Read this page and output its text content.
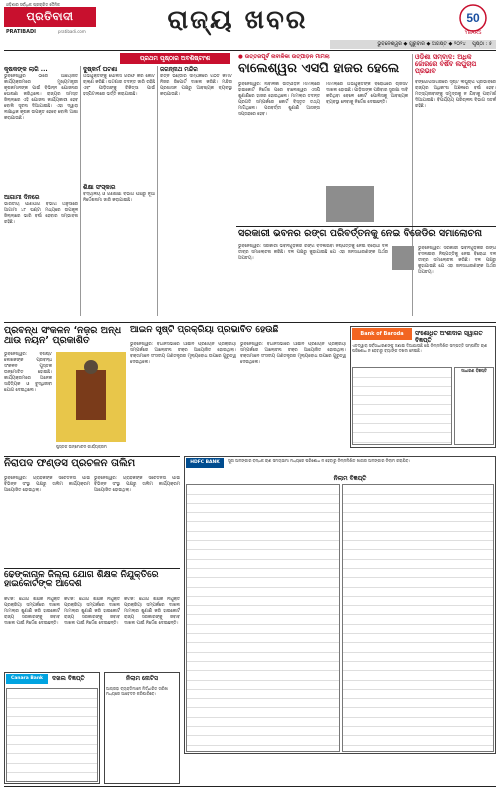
ଓଡ଼ିଶାର ସର୍ବାଧିକ ପ୍ରଚାରିତ ଦୈନିକ
ପ୍ରତିବାଦୀ
PRATIBADI	pratibadi.com	ରାଜ୍ୟ ଖବର	50
YEARS
ଭୁବନେଶ୍ୱର ◆ ଗୁରୁବାର ◆ ଅଗଷ୍ଟ ◆ ୨୦୨୪ ପୃଷ୍ଠା : ୫
ପ୍ରଥମ ପୃଷ୍ଠାର ଅବଶିଷ୍ଟାଂଶ
କୃଷକଙ୍କ ଲାଗି ...
ଭୁବନେଶ୍ୱର ଠାରେ ଆୟୋଜିତ କାର୍ଯ୍ୟକ୍ରମରେ ମୁଖ୍ୟମନ୍ତ୍ରୀ କୃଷକମାନଙ୍କ ପାଇଁ ବିଭିନ୍ନ ଯୋଜନାର ଘୋଷଣା କରିଥିଲେ। ରାଜ୍ୟର ସମସ୍ତ ଜିଲ୍ଲାରେ ଏହି ଯୋଜନା କାର୍ଯ୍ୟକାରୀ ହେବ ବୋଲି ସୂଚନା ଦିଆଯାଇଛି। ଏହା ଦ୍ୱାରା ଲକ୍ଷାଧିକ କୃଷକ ଉପକୃତ ହେବେ ବୋଲି ଆଶା କରାଯାଉଛି।
ଆଗାମୀ ଦିନରେ
ଭାରତୀୟ ପାଣିପାଗ ବିଭାଗ ଅନୁସାରେ ଆଗାମୀ ୪୮ ଘଣ୍ଟା ମଧ୍ୟରେ ଉପକୂଳ ଜିଲ୍ଲାରେ ଭାରି ବର୍ଷା ହେବାର ସମ୍ଭାବନା ରହିଛି।
ଦୁଷ୍କର୍ମ ଘଟଣା
ଅଭିଯୁକ୍ତଙ୍କୁ ପୋଲିସ ଗିରଫ କରି କୋର୍ଟ ଚାଲାଣ କରିଛି। ଘଟଣାର ତଦନ୍ତ ଜାରି ରହିଛି ଏବଂ ପୀଡ଼ିତାଙ୍କୁ ଚିକିତ୍ସା ପାଇଁ ହସ୍ପିଟାଲରେ ଭର୍ତ୍ତି କରାଯାଇଛି।
ଶିକ୍ଷା ସଂସ୍କାର
ବିଦ୍ୟାଳୟ ଓ ଗଣଶିକ୍ଷା ବିଭାଗ ପକ୍ଷରୁ ନୂଆ ନିର୍ଦ୍ଦେଶନାମା ଜାରି କରାଯାଇଛି।
ଜଗନ୍ନାଥ ମନ୍ଦିର
ରତ୍ନ ଭଣ୍ଡାର ସମ୍ପର୍କରେ ଗଠିତ କମିଟି ନିଜର ରିପୋର୍ଟ ଦାଖଲ କରିଛି। ମନ୍ଦିର ପ୍ରଶାସନ ପକ୍ଷରୁ ଆବଶ୍ୟକ ବ୍ୟବସ୍ଥା କରାଯାଉଛି।
● ଉତ୍ତରପୂର୍ବ ନାବାଳିକା ଉତ୍ପୀଡ଼ନ ମାମଲା
ବାଲେଶ୍ୱର ଏସପି ହାଜର ହେଲେ
ଭୁବନେଶ୍ୱର: ନାବାଳିକା ଉତ୍ପୀଡ଼ନ ମାମଲାରେ ହାଇକୋର୍ଟ ନିର୍ଦ୍ଦେଶ ପରେ ବାଲେଶ୍ୱର ଏସପି ଶୁଣାଣିରେ ହାଜର ହୋଇଥିଲେ। ମାମଲାର ତଦନ୍ତ ପ୍ରଗତି ସମ୍ପର୍କରେ କୋର୍ଟ ବିସ୍ତୃତ ତଥ୍ୟ ମାଗିଥିଲେ। ପରବର୍ତ୍ତୀ ଶୁଣାଣି ଆସନ୍ତା ସପ୍ତାହରେ ହେବ।
ମାମଲାରେ ଅଭିଯୁକ୍ତଙ୍କ ବିରୋଧରେ ଚାର୍ଜସିଟ ଦାଖଲ ହୋଇଛି। ପୀଡ଼ିତାଙ୍କ ପରିବାର ସୁରକ୍ଷା ଦାବି କରିଥିବା ବେଳେ କୋର୍ଟ ପୋଲିସକୁ ଆବଶ୍ୟକ ବ୍ୟବସ୍ଥା ନେବାକୁ ନିର୍ଦ୍ଦେଶ ଦେଇଛନ୍ତି।
ଓଡ଼ିଶା ସମ୍ବାଦ: ଅଧିକ ଜୋରରେ ବର୍ଷିବ ଲଘୁଚାପ ପ୍ରଭାବ
ବଙ୍ଗୋପସାଗରରେ ସୃଷ୍ଟି ଲଘୁଚାପ ପ୍ରଭାବରେ ରାଜ୍ୟର ଅଧିକାଂଶ ଅଞ୍ଚଳରେ ବର୍ଷା ହେବ। ମତ୍ସ୍ୟଜୀବୀଙ୍କୁ ସମୁଦ୍ରକୁ ନ ଯିବାକୁ ପରାମର୍ଶ ଦିଆଯାଇଛି। ବିପର୍ଯ୍ୟୟ ପରିଚାଳନା ବିଭାଗ ସତର୍କ ରହିଛି।
ସରକାରୀ ଭବନର ରଙ୍ଗ ପରିବର୍ତ୍ତନକୁ ନେଇ ବିଜେଡିର ସମାଲୋଚନା
ଭୁବନେଶ୍ୱର: ସରକାରୀ ଭବନଗୁଡ଼ିକର ରଙ୍ଗ ବଦଳାଇବା ନିଷ୍ପତ୍ତିକୁ ନେଇ ବିରୋଧୀ ଦଳ ତୀବ୍ର ସମାଲୋଚନା କରିଛି। ଦଳ ପକ୍ଷରୁ କୁହାଯାଇଛି ଯେ ଏହା ଜନସାଧାରଣଙ୍କ ଅର୍ଥର ଅପଚୟ।
ଭୁବନେଶ୍ୱର: ସରକାରୀ ଭବନଗୁଡ଼ିକର ରଙ୍ଗ ବଦଳାଇବା ନିଷ୍ପତ୍ତିକୁ ନେଇ ବିରୋଧୀ ଦଳ ତୀବ୍ର ସମାଲୋଚନା କରିଛି। ଦଳ ପକ୍ଷରୁ କୁହାଯାଇଛି ଯେ ଏହା ଜନସାଧାରଣଙ୍କ ଅର୍ଥର ଅପଚୟ।
ପ୍ରବନ୍ଧ ସଂକଳନ ‘ନଜ଼ର ଅନ୍ଧ ଥାଉ ନୟନ’ ପ୍ରକାଶିତ
ଭୁବନେଶ୍ୱର: ବିଶିଷ୍ଟ ଲେଖକଙ୍କ ପ୍ରବନ୍ଧ ସଂକଳନ ପୁସ୍ତକ ଉନ୍ମୋଚିତ ହୋଇଛି। କାର୍ଯ୍ୟକ୍ରମରେ ଅନେକ ସାହିତ୍ୟିକ ଓ ବୁଦ୍ଧିଜୀବୀ ଯୋଗ ଦେଇଥିଲେ।
ପୁସ୍ତକ ଉନ୍ମୋଚନ କାର୍ଯ୍ୟକ୍ରମ
ଆଇନ ସୃଷ୍ଟି ପ୍ରକ୍ରିୟା ପ୍ରଭାବିତ ହେଉଛି
ଭୁବନେଶ୍ୱର: ବିଧାନସଭାରେ ଆଇନ ପ୍ରଣୟନ ପ୍ରକ୍ରିୟା ସମ୍ପର୍କରେ ଆଲୋଚନା ଚକ୍ର ଆୟୋଜିତ ହୋଇଥିଲା। ବକ୍ତାମାନେ ସଂସଦୀୟ ଗଣତନ୍ତ୍ରର ମୂଲ୍ୟବୋଧ ଉପରେ ଗୁରୁତ୍ୱ ଦେଇଥିଲେ।
ଭୁବନେଶ୍ୱର: ବିଧାନସଭାରେ ଆଇନ ପ୍ରଣୟନ ପ୍ରକ୍ରିୟା ସମ୍ପର୍କରେ ଆଲୋଚନା ଚକ୍ର ଆୟୋଜିତ ହୋଇଥିଲା। ବକ୍ତାମାନେ ସଂସଦୀୟ ଗଣତନ୍ତ୍ରର ମୂଲ୍ୟବୋଧ ଉପରେ ଗୁରୁତ୍ୱ ଦେଇଥିଲେ।
Bank of Baroda	ସଂଶୋଧିତ ଅଂଶୀଦାର ସ୍ୱାଗତ ବିଜ୍ଞପ୍ତି
ଏତଦ୍ୱାରା ସର୍ବସାଧାରଣଙ୍କୁ ଜଣାଇ ଦିଆଯାଉଛି ଯେ ନିମ୍ନଲିଖିତ ସମ୍ପତ୍ତି ସମ୍ପର୍କିତ ଋଣ ପରିଶୋଧ ନ ହେବାରୁ ବ୍ୟାଙ୍କ ଦଖଲ ନେଇଛି।
ସାଧାରଣ ବିଜ୍ଞପ୍ତି
ନିରାପଦ ଫଣ୍ଡସ ପ୍ରଚଳନ ତାଲିମ
ଭୁବନେଶ୍ୱର: ଗ୍ରାହକଙ୍କ ସଚେତନତା ପାଇଁ ବିଭିନ୍ନ ସଂସ୍ଥା ପକ୍ଷରୁ ତାଲିମ କାର୍ଯ୍ୟକ୍ରମ ଆୟୋଜିତ ହୋଇଥିଲା।
ଭୁବନେଶ୍ୱର: ଗ୍ରାହକଙ୍କ ସଚେତନତା ପାଇଁ ବିଭିନ୍ନ ସଂସ୍ଥା ପକ୍ଷରୁ ତାଲିମ କାର୍ଯ୍ୟକ୍ରମ ଆୟୋଜିତ ହୋଇଥିଲା।
HDFC BANK	ସୁନା ଅଳଙ୍କାର ବନ୍ଧକ ଋଣ ସମୟସୀମା ମଧ୍ୟରେ ପରିଶୋଧ ନ ହେବାରୁ ନିମ୍ନଲିଖିତ ଖାତାର ଅଳଙ୍କାର ନିଲାମ କରାଯିବ।
ନିଲାମ ବିଜ୍ଞପ୍ତି
ଢେଙ୍କାନାଳ ଜିଲ୍ଲା ଯୋଗ ଶିକ୍ଷକ ନିଯୁକ୍ତିରେ ହାଇକୋର୍ଟଙ୍କ ଆଦେଶ
କଟକ: ଯୋଗ ଶିକ୍ଷକ ନିଯୁକ୍ତି ପ୍ରକ୍ରିୟା ସମ୍ପର୍କରେ ଦାଖଲ ମାମଲାର ଶୁଣାଣି କରି ହାଇକୋର୍ଟ ରାଜ୍ୟ ସରକାରଙ୍କୁ ଜବାବ ଦାଖଲ ପାଇଁ ନିର୍ଦ୍ଦେଶ ଦେଇଛନ୍ତି।
କଟକ: ଯୋଗ ଶିକ୍ଷକ ନିଯୁକ୍ତି ପ୍ରକ୍ରିୟା ସମ୍ପର୍କରେ ଦାଖଲ ମାମଲାର ଶୁଣାଣି କରି ହାଇକୋର୍ଟ ରାଜ୍ୟ ସରକାରଙ୍କୁ ଜବାବ ଦାଖଲ ପାଇଁ ନିର୍ଦ୍ଦେଶ ଦେଇଛନ୍ତି।
କଟକ: ଯୋଗ ଶିକ୍ଷକ ନିଯୁକ୍ତି ପ୍ରକ୍ରିୟା ସମ୍ପର୍କରେ ଦାଖଲ ମାମଲାର ଶୁଣାଣି କରି ହାଇକୋର୍ଟ ରାଜ୍ୟ ସରକାରଙ୍କୁ ଜବାବ ଦାଖଲ ପାଇଁ ନିର୍ଦ୍ଦେଶ ଦେଇଛନ୍ତି।
Canara Bank	ଦଖଲ ବିଜ୍ଞପ୍ତି	ନିଲାମ ନୋଟିସ
ଆଗ୍ରହୀ ବ୍ୟକ୍ତିମାନେ ନିର୍ଦ୍ଧାରିତ ତାରିଖ ମଧ୍ୟରେ ଆବେଦନ କରିପାରିବେ।
